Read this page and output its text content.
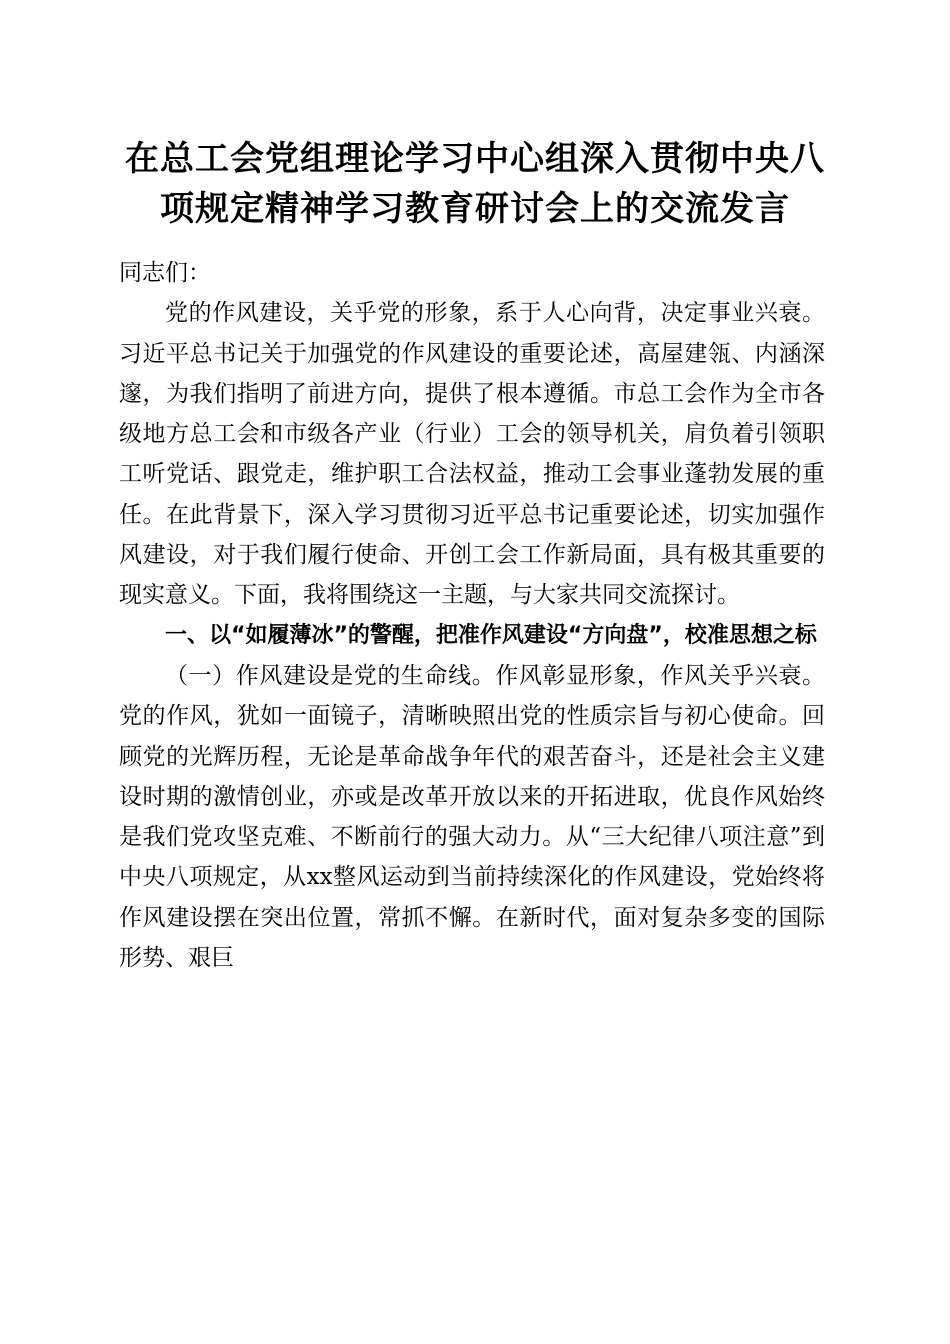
在总工会党组理论学习中心组深入贯彻中央八
项规定精神学习教育研讨会上的交流发言

同志们：

党的作风建设，关乎党的形象，系于人心向背，决定事业兴衰。习近平总书记关于加强党的作风建设的重要论述，高屋建瓴、内涵深邃，为我们指明了前进方向，提供了根本遵循。市总工会作为全市各级地方总工会和市级各产业（行业）工会的领导机关，肩负着引领职工听党话、跟党走，维护职工合法权益，推动工会事业蓬勃发展的重任。在此背景下，深入学习贯彻习近平总书记重要论述，切实加强作风建设，对于我们履行使命、开创工会工作新局面，具有极其重要的现实意义。下面，我将围绕这一主题，与大家共同交流探讨。

一、以“如履薄冰”的警醒，把准作风建设“方向盘”，校准思想之标

（一）作风建设是党的生命线。作风彰显形象，作风关乎兴衰。党的作风，犹如一面镜子，清晰映照出党的性质宗旨与初心使命。回顾党的光辉历程，无论是革命战争年代的艰苦奋斗，还是社会主义建设时期的激情创业，亦或是改革开放以来的开拓进取，优良作风始终是我们党攻坚克难、不断前行的强大动力。从“三大纪律八项注意”到中央八项规定，从xx整风运动到当前持续深化的作风建设，党始终将作风建设摆在突出位置，常抓不懈。在新时代，面对复杂多变的国际形势、艰巨
